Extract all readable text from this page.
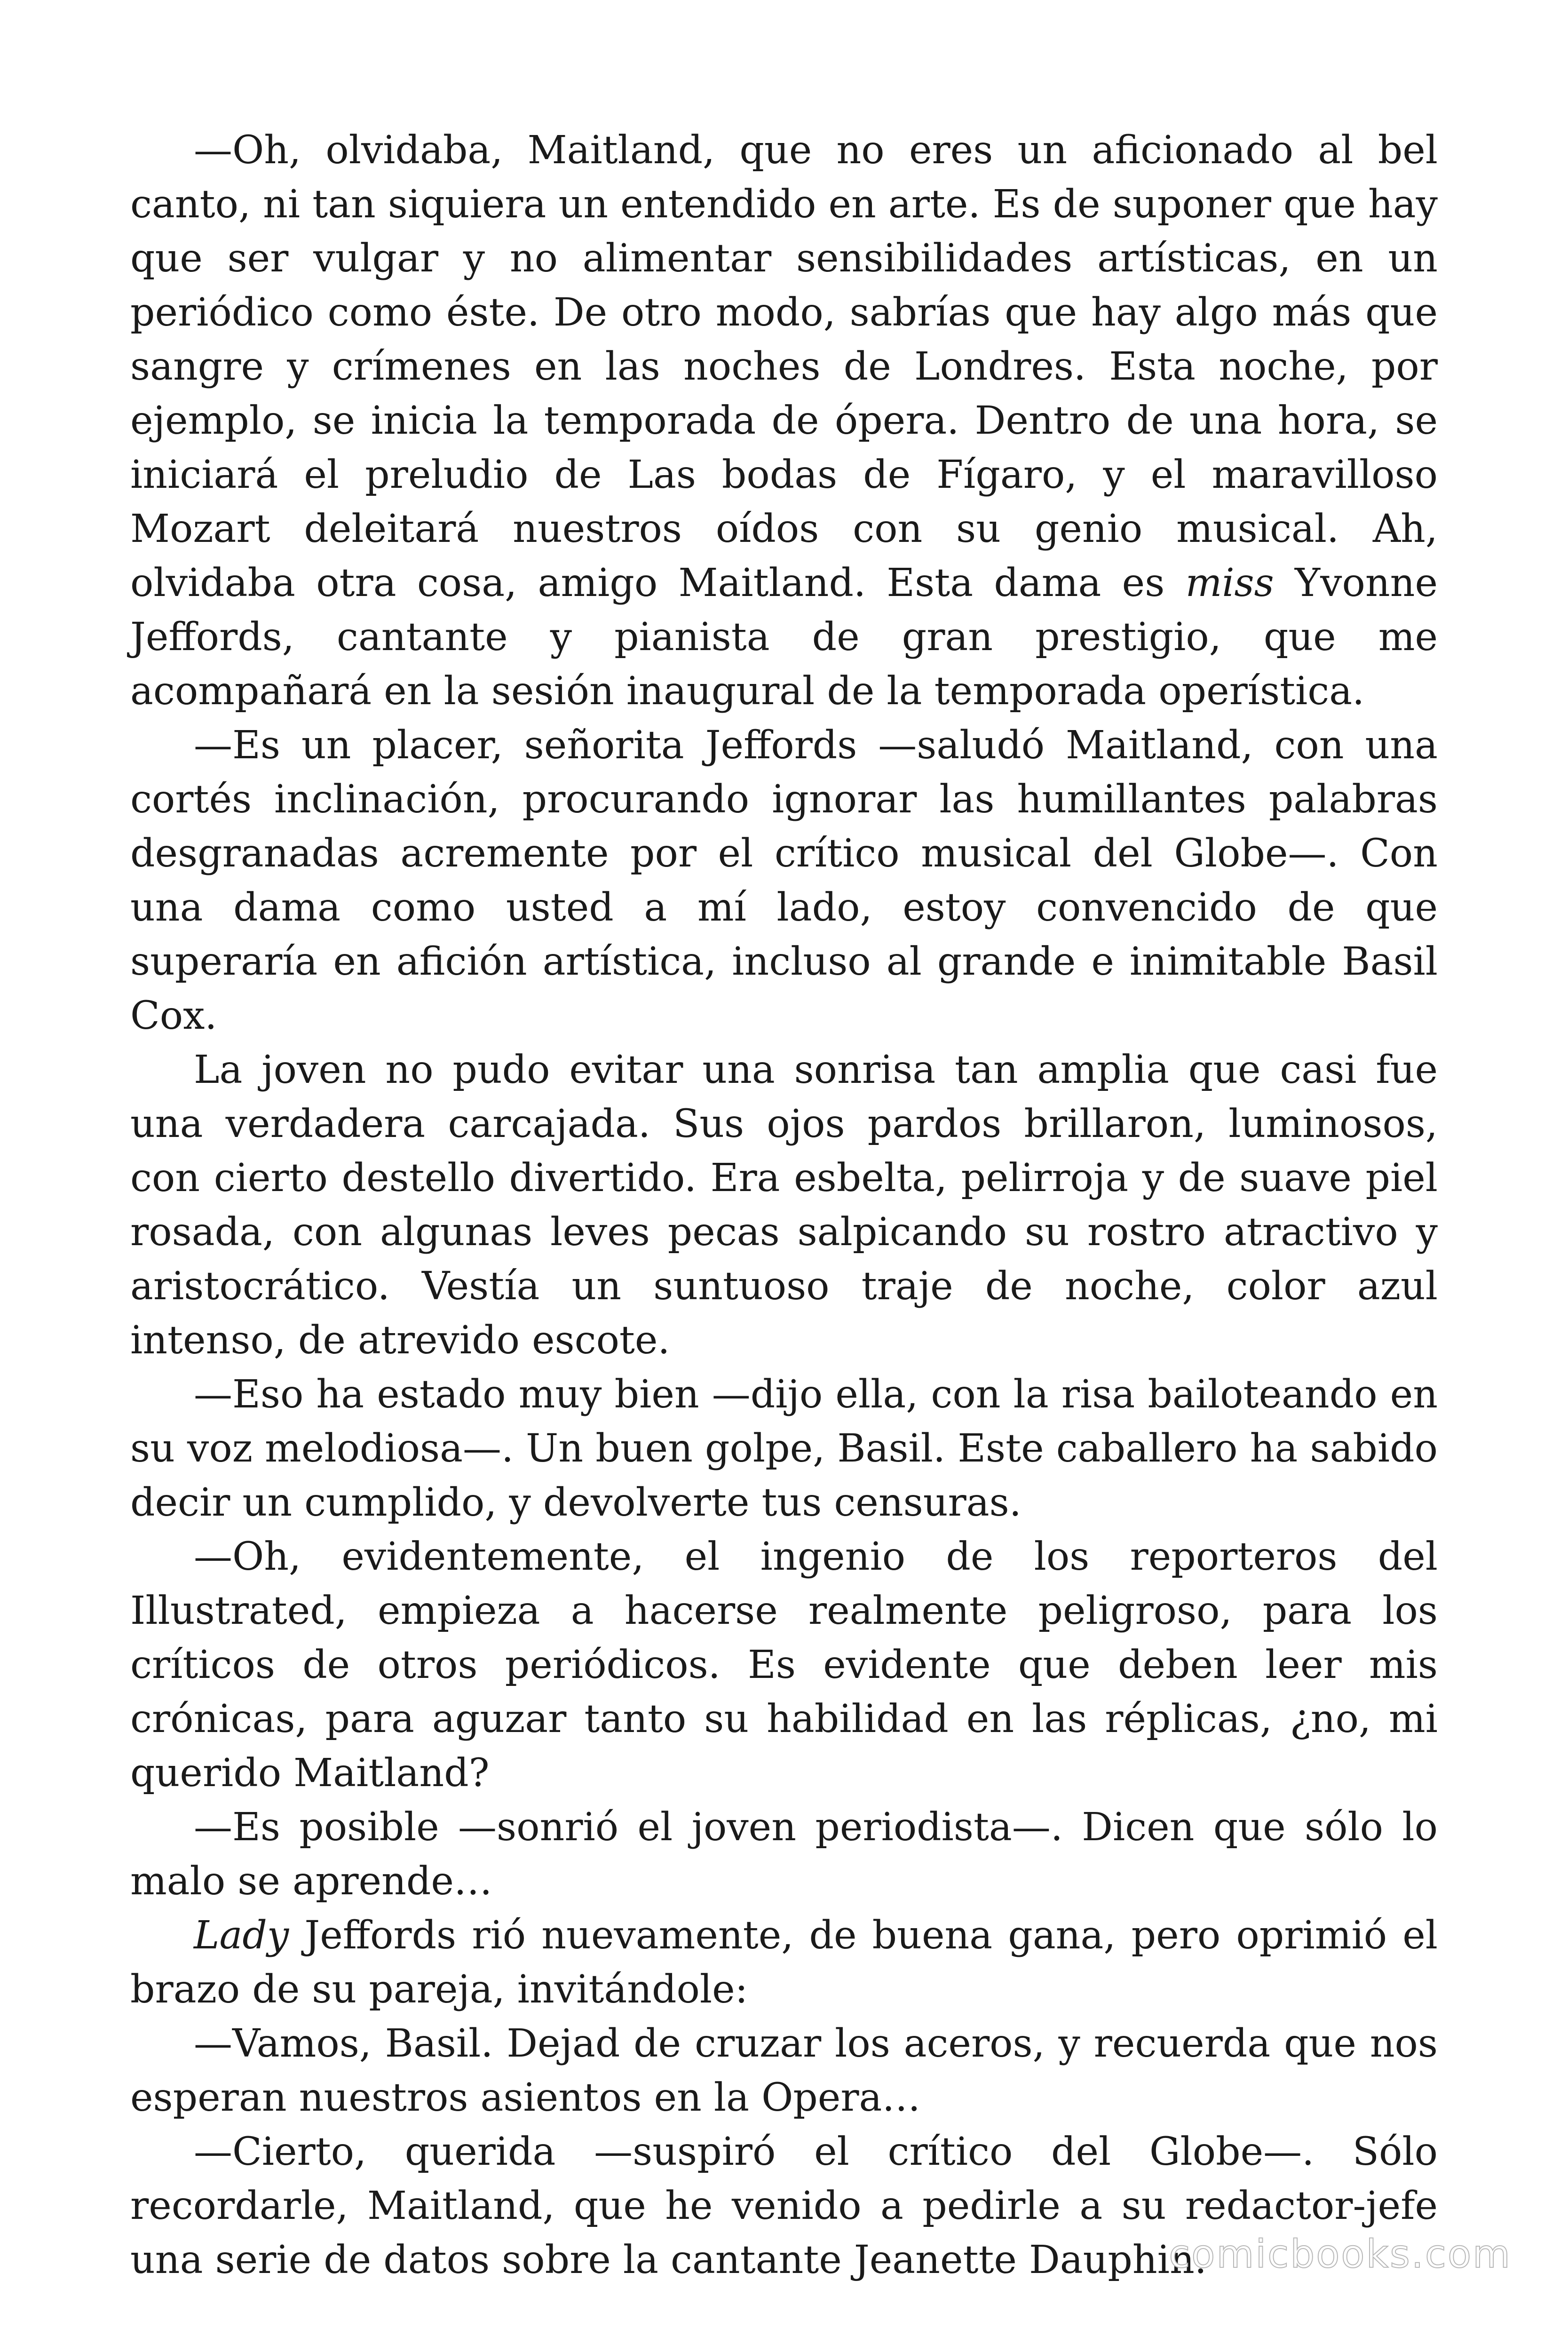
—Oh, olvidaba, Maitland, que no eres un aficionado al bel canto, ni tan siquiera un entendido en arte. Es de suponer que hay que ser vulgar y no alimentar sensibilidades artísticas, en un periódico como éste. De otro modo, sabrías que hay algo más que sangre y crímenes en las noches de Londres. Esta noche, por ejemplo, se inicia la temporada de ópera. Dentro de una hora, se iniciará el preludio de Las bodas de Fígaro, y el maravilloso Mozart deleitará nuestros oídos con su genio musical. Ah, olvidaba otra cosa, amigo Maitland. Esta dama es miss Yvonne Jeffords, cantante y pianista de gran prestigio, que me acompañará en la sesión inaugural de la temporada operística.

—Es un placer, señorita Jeffords —saludó Maitland, con una cortés inclinación, procurando ignorar las humillantes palabras desgranadas acremente por el crítico musical del Globe—. Con una dama como usted a mí lado, estoy convencido de que superaría en afición artística, incluso al grande e inimitable Basil Cox.

La joven no pudo evitar una sonrisa tan amplia que casi fue una verdadera carcajada. Sus ojos pardos brillaron, luminosos, con cierto destello divertido. Era esbelta, pelirroja y de suave piel rosada, con algunas leves pecas salpicando su rostro atractivo y aristocrático. Vestía un suntuoso traje de noche, color azul intenso, de atrevido escote.

—Eso ha estado muy bien —dijo ella, con la risa bailoteando en su voz melodiosa—. Un buen golpe, Basil. Este caballero ha sabido decir un cumplido, y devolverte tus censuras.

—Oh, evidentemente, el ingenio de los reporteros del Illustrated, empieza a hacerse realmente peligroso, para los críticos de otros periódicos. Es evidente que deben leer mis crónicas, para aguzar tanto su habilidad en las réplicas, ¿no, mi querido Maitland?

—Es posible —sonrió el joven periodista—. Dicen que sólo lo malo se aprende…

Lady Jeffords rió nuevamente, de buena gana, pero oprimió el brazo de su pareja, invitándole:

—Vamos, Basil. Dejad de cruzar los aceros, y recuerda que nos esperan nuestros asientos en la Opera…

—Cierto, querida —suspiró el crítico del Globe—. Sólo recordarle, Maitland, que he venido a pedirle a su redactor-jefe una serie de datos sobre la cantante Jeanette Dauphin.

comicbooks.com
